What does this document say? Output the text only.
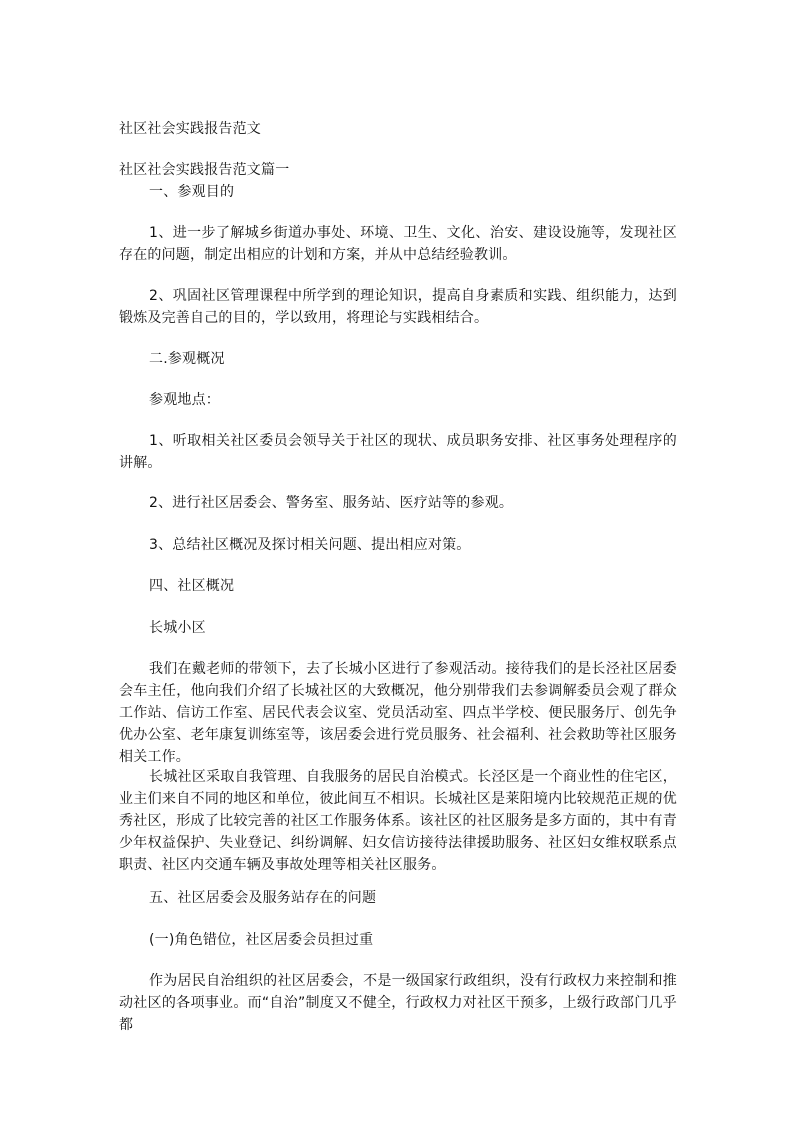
社区社会实践报告范文
社区社会实践报告范文篇一
一、参观目的
1、进一步了解城乡街道办事处、环境、卫生、文化、治安、建设设施等，发现社区存在的问题，制定出相应的计划和方案，并从中总结经验教训。
2、巩固社区管理课程中所学到的理论知识，提高自身素质和实践、组织能力，达到锻炼及完善自己的目的，学以致用，将理论与实践相结合。
二.参观概况
参观地点：
1、听取相关社区委员会领导关于社区的现状、成员职务安排、社区事务处理程序的讲解。
2、进行社区居委会、警务室、服务站、医疗站等的参观。
3、总结社区概况及探讨相关问题、提出相应对策。
四、社区概况
长城小区
我们在戴老师的带领下，去了长城小区进行了参观活动。接待我们的是长泾社区居委会车主任，他向我们介绍了长城社区的大致概况，他分别带我们去参调解委员会观了群众工作站、信访工作室、居民代表会议室、党员活动室、四点半学校、便民服务厅、创先争优办公室、老年康复训练室等，该居委会进行党员服务、社会福利、社会救助等社区服务相关工作。
长城社区采取自我管理、自我服务的居民自治模式。长泾区是一个商业性的住宅区，业主们来自不同的地区和单位，彼此间互不相识。长城社区是莱阳境内比较规范正规的优秀社区，形成了比较完善的社区工作服务体系。该社区的社区服务是多方面的，其中有青少年权益保护、失业登记、纠纷调解、妇女信访接待法律援助服务、社区妇女维权联系点职责、社区内交通车辆及事故处理等相关社区服务。
五、社区居委会及服务站存在的问题
(一)角色错位，社区居委会员担过重
作为居民自治组织的社区居委会，不是一级国家行政组织，没有行政权力来控制和推动社区的各项事业。而“自治”制度又不健全，行政权力对社区干预多，上级行政部门几乎都
